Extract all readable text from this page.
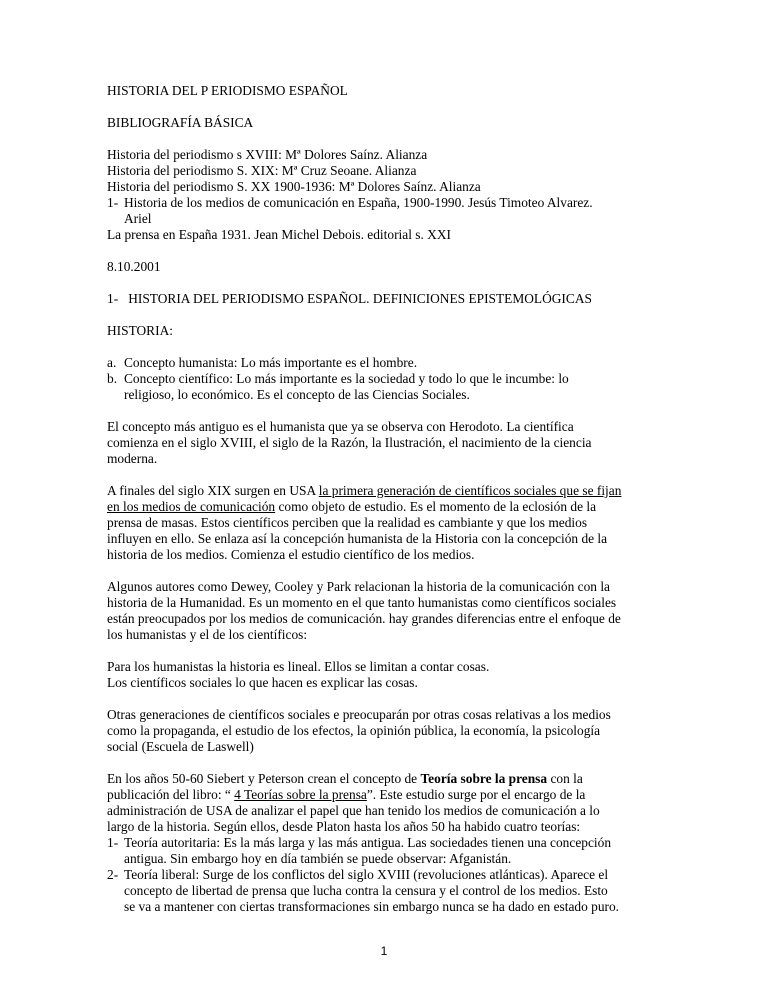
HISTORIA DEL P ERIODISMO ESPAÑOL
BIBLIOGRAFÍA BÁSICA
Historia del periodismo s XVIII: Mª Dolores Saínz. Alianza
Historia del periodismo S. XIX: Mª Cruz Seoane. Alianza
Historia del periodismo S. XX 1900-1936: Mª Dolores Saínz. Alianza
1- Historia de los medios de comunicación en España, 1900-1990. Jesús Timoteo Alvarez.
Ariel
La prensa en España 1931. Jean Michel Debois. editorial s. XXI
8.10.2001
1-   HISTORIA DEL PERIODISMO ESPAÑOL. DEFINICIONES EPISTEMOLÓGICAS
HISTORIA:
a. Concepto humanista: Lo más importante es el hombre.
b. Concepto científico: Lo más importante es la sociedad y todo lo que le incumbe: lo
religioso, lo económico. Es el concepto de las Ciencias Sociales.
El concepto más antiguo es el humanista que ya se observa con Herodoto. La científica
comienza en el siglo XVIII, el siglo de la Razón, la Ilustración, el nacimiento de la ciencia
moderna.
A finales del siglo XIX surgen en USA la primera generación de científicos sociales que se fijan
en los medios de comunicación como objeto de estudio. Es el momento de la eclosión de la
prensa de masas. Estos científicos perciben que la realidad es cambiante y que los medios
influyen en ello. Se enlaza así la concepción humanista de la Historia con la concepción de la
historia de los medios. Comienza el estudio científico de los medios.
Algunos autores como Dewey, Cooley y Park relacionan la historia de la comunicación con la
historia de la Humanidad. Es un momento en el que tanto humanistas como científicos sociales
están preocupados por los medios de comunicación. hay grandes diferencias entre el enfoque de
los humanistas y el de los científicos:
Para los humanistas la historia es lineal. Ellos se limitan a contar cosas.
Los científicos sociales lo que hacen es explicar las cosas.
Otras generaciones de científicos sociales e preocuparán por otras cosas relativas a los medios
como la propaganda, el estudio de los efectos, la opinión pública, la economía, la psicología
social (Escuela de Laswell)
En los años 50-60 Siebert y Peterson crean el concepto de Teoría sobre la prensa con la
publicación del libro: “ 4 Teorías sobre la prensa”. Este estudio surge por el encargo de la
administración de USA de analizar el papel que han tenido los medios de comunicación a lo
largo de la historia. Según ellos, desde Platon hasta los años 50 ha habido cuatro teorías:
1- Teoría autoritaria: Es la más larga y las más antigua. Las sociedades tienen una concepción
antigua. Sin embargo hoy en día también se puede observar: Afganistán.
2- Teoría liberal: Surge de los conflictos del siglo XVIII (revoluciones atlánticas). Aparece el
concepto de libertad de prensa que lucha contra la censura y el control de los medios. Esto
se va a mantener con ciertas transformaciones sin embargo nunca se ha dado en estado puro.
1
